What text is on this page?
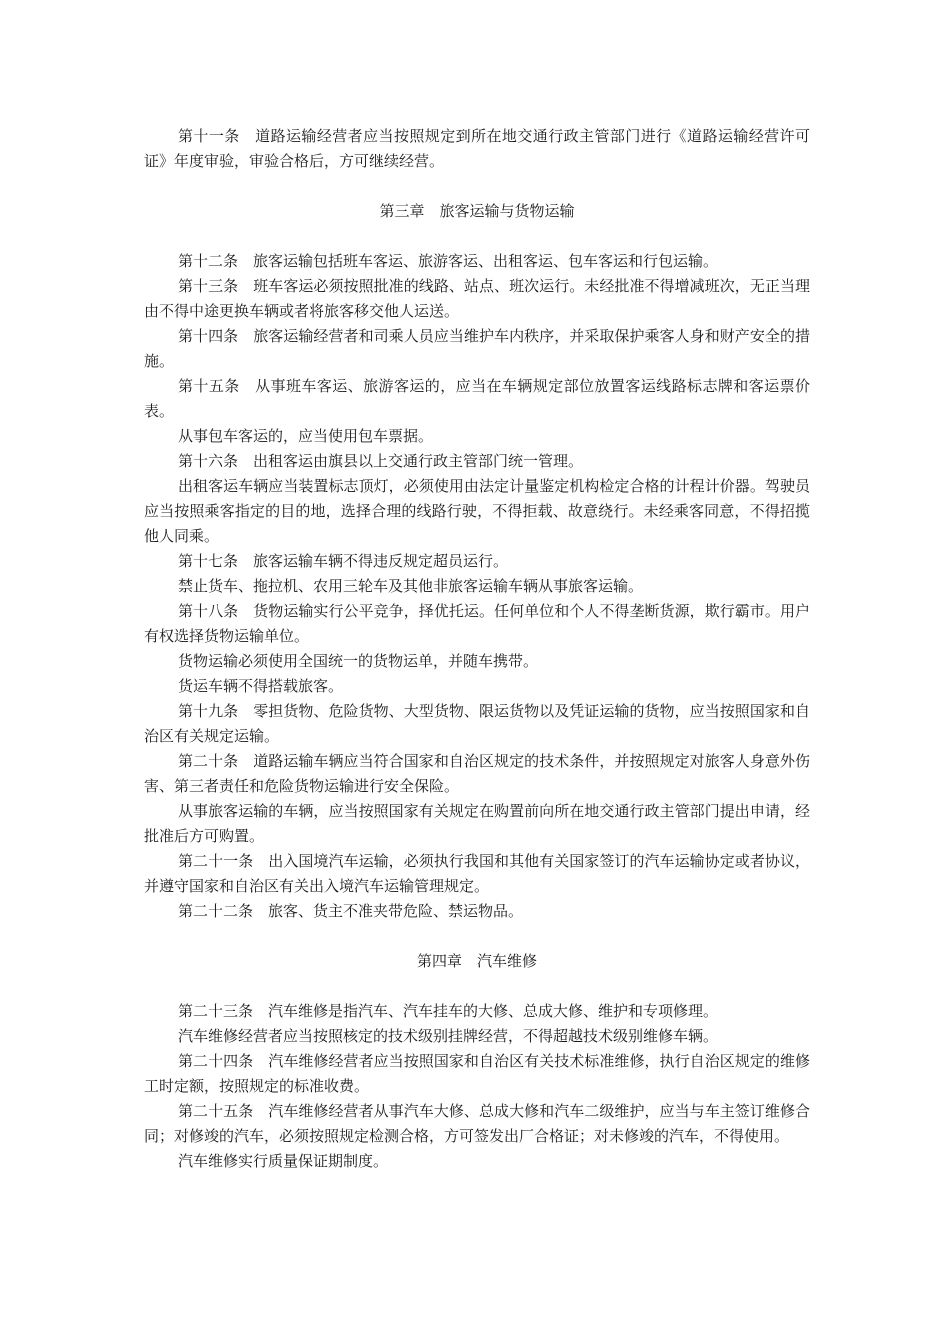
第十一条　道路运输经营者应当按照规定到所在地交通行政主管部门进行《道路运输经营许可证》年度审验，审验合格后，方可继续经营。

第三章　旅客运输与货物运输

第十二条　旅客运输包括班车客运、旅游客运、出租客运、包车客运和行包运输。

第十三条　班车客运必须按照批准的线路、站点、班次运行。未经批准不得增减班次，无正当理由不得中途更换车辆或者将旅客移交他人运送。

第十四条　旅客运输经营者和司乘人员应当维护车内秩序，并采取保护乘客人身和财产安全的措施。

第十五条　从事班车客运、旅游客运的，应当在车辆规定部位放置客运线路标志牌和客运票价表。

从事包车客运的，应当使用包车票据。

第十六条　出租客运由旗县以上交通行政主管部门统一管理。

出租客运车辆应当装置标志顶灯，必须使用由法定计量鉴定机构检定合格的计程计价器。驾驶员应当按照乘客指定的目的地，选择合理的线路行驶，不得拒载、故意绕行。未经乘客同意，不得招揽他人同乘。

第十七条　旅客运输车辆不得违反规定超员运行。

禁止货车、拖拉机、农用三轮车及其他非旅客运输车辆从事旅客运输。

第十八条　货物运输实行公平竞争，择优托运。任何单位和个人不得垄断货源，欺行霸市。用户有权选择货物运输单位。

货物运输必须使用全国统一的货物运单，并随车携带。

货运车辆不得搭载旅客。

第十九条　零担货物、危险货物、大型货物、限运货物以及凭证运输的货物，应当按照国家和自治区有关规定运输。

第二十条　道路运输车辆应当符合国家和自治区规定的技术条件，并按照规定对旅客人身意外伤害、第三者责任和危险货物运输进行安全保险。

从事旅客运输的车辆，应当按照国家有关规定在购置前向所在地交通行政主管部门提出申请，经批准后方可购置。

第二十一条　出入国境汽车运输，必须执行我国和其他有关国家签订的汽车运输协定或者协议，并遵守国家和自治区有关出入境汽车运输管理规定。

第二十二条　旅客、货主不准夹带危险、禁运物品。

第四章　汽车维修

第二十三条　汽车维修是指汽车、汽车挂车的大修、总成大修、维护和专项修理。

汽车维修经营者应当按照核定的技术级别挂牌经营，不得超越技术级别维修车辆。

第二十四条　汽车维修经营者应当按照国家和自治区有关技术标准维修，执行自治区规定的维修工时定额，按照规定的标准收费。

第二十五条　汽车维修经营者从事汽车大修、总成大修和汽车二级维护，应当与车主签订维修合同；对修竣的汽车，必须按照规定检测合格，方可签发出厂合格证；对未修竣的汽车，不得使用。

汽车维修实行质量保证期制度。
